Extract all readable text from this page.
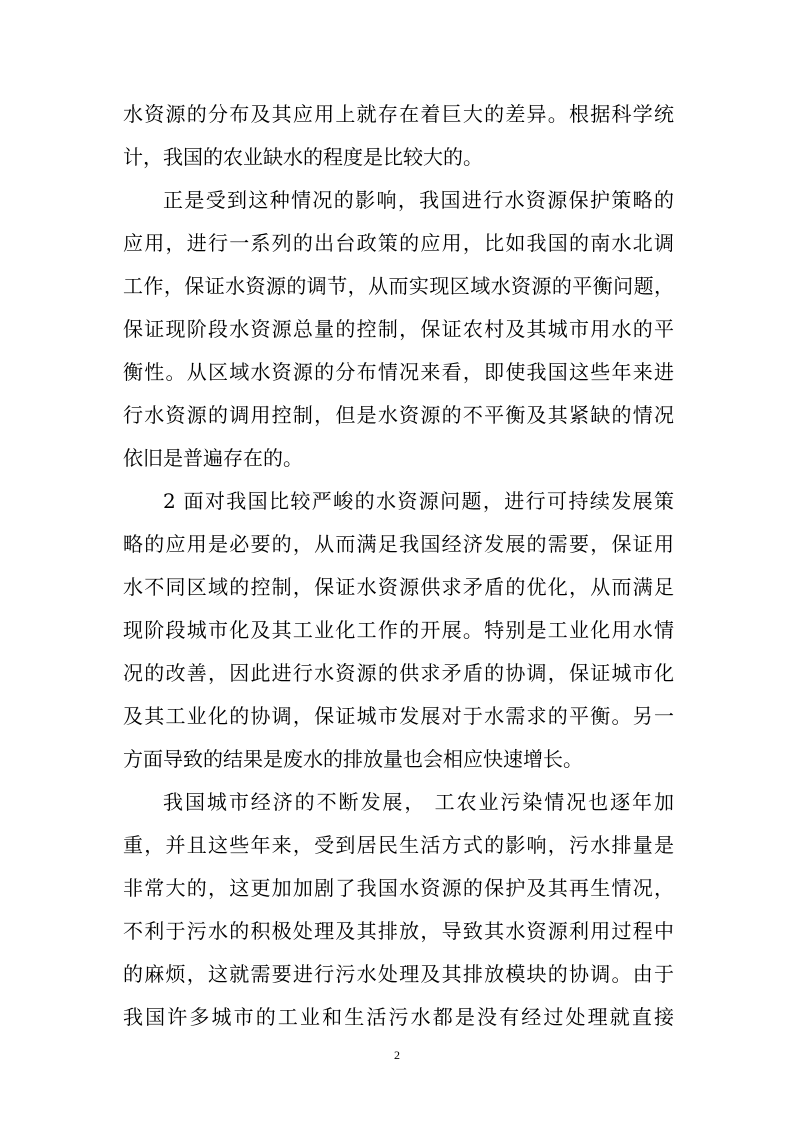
水资源的分布及其应用上就存在着巨大的差异。根据科学统
计，我国的农业缺水的程度是比较大的。
正是受到这种情况的影响，我国进行水资源保护策略的
应用，进行一系列的出台政策的应用，比如我国的南水北调
工作，保证水资源的调节，从而实现区域水资源的平衡问题，
保证现阶段水资源总量的控制，保证农村及其城市用水的平
衡性。从区域水资源的分布情况来看，即使我国这些年来进
行水资源的调用控制，但是水资源的不平衡及其紧缺的情况
依旧是普遍存在的。
2 面对我国比较严峻的水资源问题，进行可持续发展策
略的应用是必要的，从而满足我国经济发展的需要，保证用
水不同区域的控制，保证水资源供求矛盾的优化，从而满足
现阶段城市化及其工业化工作的开展。特别是工业化用水情
况的改善，因此进行水资源的供求矛盾的协调，保证城市化
及其工业化的协调，保证城市发展对于水需求的平衡。另一
方面导致的结果是废水的排放量也会相应快速增长。
我国城市经济的不断发展， 工农业污染情况也逐年加
重，并且这些年来，受到居民生活方式的影响，污水排量是
非常大的，这更加加剧了我国水资源的保护及其再生情况，
不利于污水的积极处理及其排放，导致其水资源利用过程中
的麻烦，这就需要进行污水处理及其排放模块的协调。由于
我国许多城市的工业和生活污水都是没有经过处理就直接
2
